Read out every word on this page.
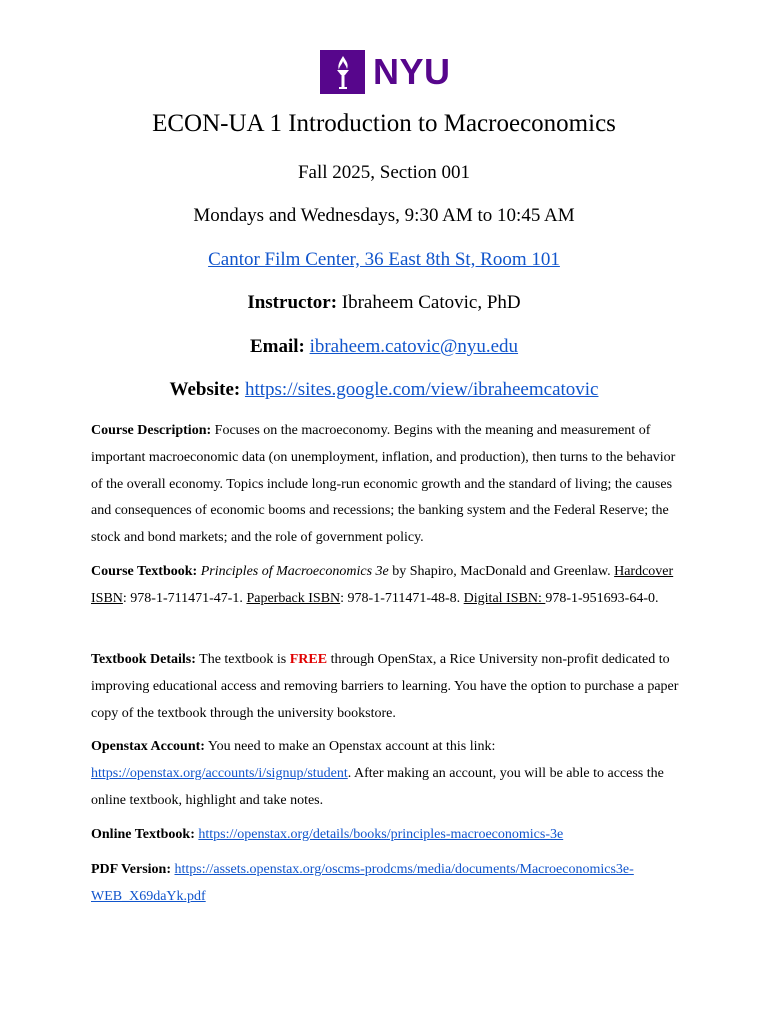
NYU
ECON-UA 1 Introduction to Macroeconomics
Fall 2025, Section 001
Mondays and Wednesdays, 9:30 AM to 10:45 AM
Cantor Film Center, 36 East 8th St, Room 101
Instructor: Ibraheem Catovic, PhD
Email: ibraheem.catovic@nyu.edu
Website: https://sites.google.com/view/ibraheemcatovic
Course Description: Focuses on the macroeconomy. Begins with the meaning and measurement of important macroeconomic data (on unemployment, inflation, and production), then turns to the behavior of the overall economy. Topics include long-run economic growth and the standard of living; the causes and consequences of economic booms and recessions; the banking system and the Federal Reserve; the stock and bond markets; and the role of government policy.
Course Textbook: Principles of Macroeconomics 3e by Shapiro, MacDonald and Greenlaw. Hardcover ISBN: 978-1-711471-47-1. Paperback ISBN: 978-1-711471-48-8. Digital ISBN: 978-1-951693-64-0.
Textbook Details: The textbook is FREE through OpenStax, a Rice University non-profit dedicated to improving educational access and removing barriers to learning. You have the option to purchase a paper copy of the textbook through the university bookstore.
Openstax Account: You need to make an Openstax account at this link: https://openstax.org/accounts/i/signup/student. After making an account, you will be able to access the online textbook, highlight and take notes.
Online Textbook: https://openstax.org/details/books/principles-macroeconomics-3e
PDF Version: https://assets.openstax.org/oscms-prodcms/media/documents/Macroeconomics3e-WEB_X69daYk.pdf
